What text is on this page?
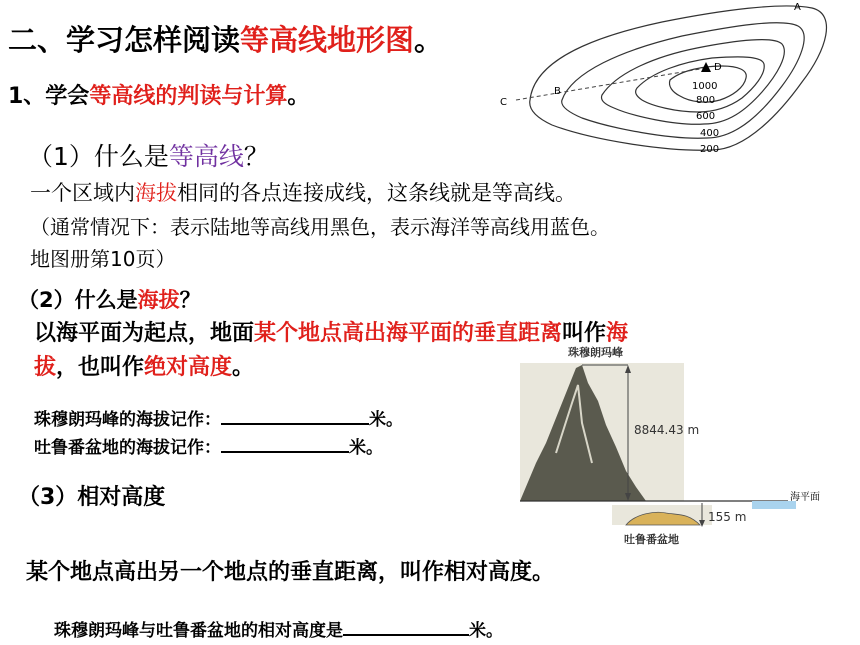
二、学习怎样阅读等高线地形图。
1、学会等高线的判读与计算。
A
B
C
D
1000
800
600
400
200
（1）什么是等高线？
一个区域内海拔相同的各点连接成线，这条线就是等高线。
（通常情况下：表示陆地等高线用黑色，表示海洋等高线用蓝色。
地图册第10页）
（2）什么是海拔？
以海平面为起点，地面某个地点高出海平面的垂直距离叫作海
拔，也叫作绝对高度。
珠穆朗玛峰的海拔记作：	米。
吐鲁番盆地的海拔记作：	米。
珠穆朗玛峰
8844.43 m
海平面
155 m
吐鲁番盆地
（3）相对高度
某个地点高出另一个地点的垂直距离，叫作相对高度。
珠穆朗玛峰与吐鲁番盆地的相对高度是	米。
